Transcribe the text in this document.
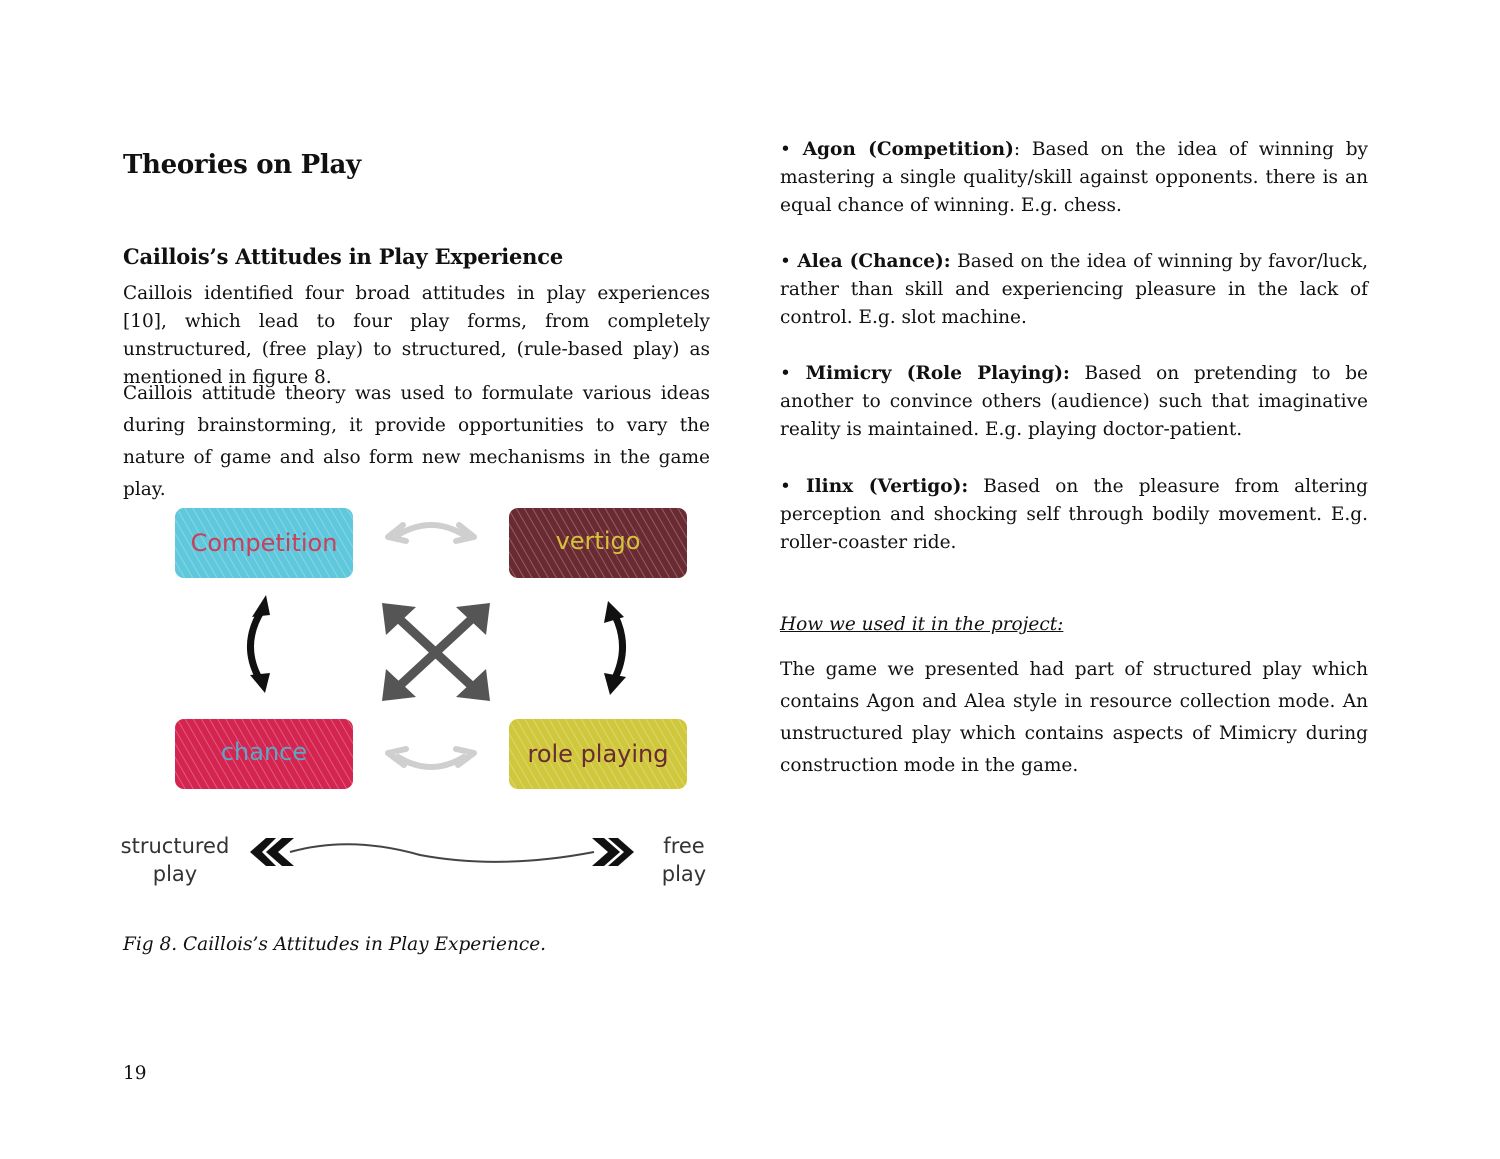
Theories on Play
Caillois’s Attitudes in Play Experience

Caillois identified four broad attitudes in play experiences [10], which lead to four play forms, from completely unstructured, (free play) to structured, (rule-based play) as mentioned in figure 8.

Caillois attitude theory was used to formulate various ideas during brainstorming, it provide opportunities to vary the nature of game and also form new mechanisms in the game play.

Competition	vertigo
chance	role playing
structured
play
free
play
Fig 8. Caillois’s Attitudes in Play Experience.

• Agon (Competition): Based on the idea of winning by mastering a single quality/skill against opponents. there is an equal chance of winning. E.g. chess.

• Alea (Chance): Based on the idea of winning by favor/luck, rather than skill and experiencing pleasure in the lack of control. E.g. slot machine.

• Mimicry (Role Playing): Based on pretending to be another to convince others (audience) such that imaginative reality is maintained. E.g. playing doctor-patient.

• Ilinx (Vertigo): Based on the pleasure from altering perception and shocking self through bodily movement. E.g. roller-coaster ride.

How we used it in the project:

The game we presented had part of structured play which contains Agon and Alea style in resource collection mode. An unstructured play which contains aspects of Mimicry during construction mode in the game.

19
